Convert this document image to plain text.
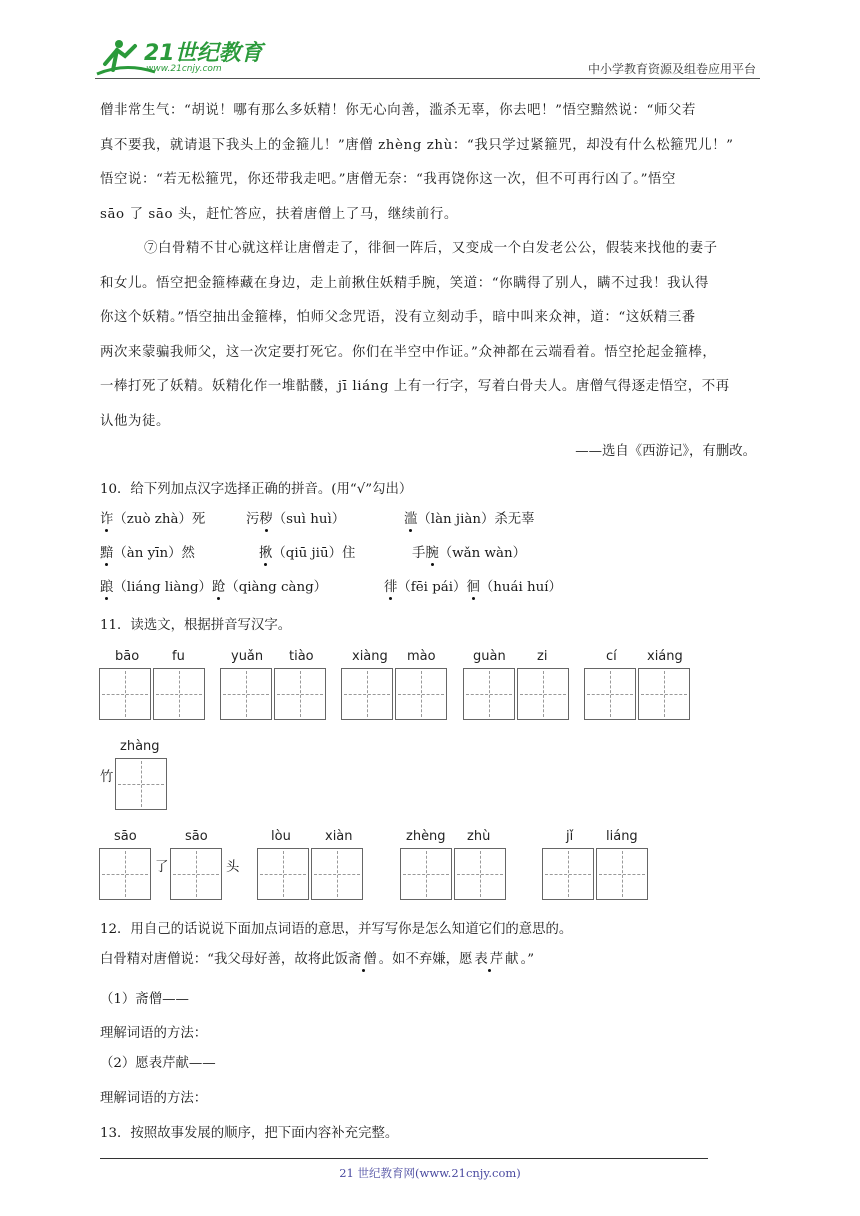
21世纪教育
www.21cnjy.com	中小学教育资源及组卷应用平台

僧非常生气：“胡说！哪有那么多妖精！你无心向善，滥杀无辜，你去吧！”悟空黯然说：“师父若

真不要我，就请退下我头上的金箍儿！”唐僧 zhèng zhù：“我只学过紧箍咒，却没有什么松箍咒儿！”

悟空说：“若无松箍咒，你还带我走吧。”唐僧无奈：“我再饶你这一次，但不可再行凶了。”悟空

sāo 了 sāo 头，赶忙答应，扶着唐僧上了马，继续前行。

⑦白骨精不甘心就这样让唐僧走了，徘徊一阵后，又变成一个白发老公公，假装来找他的妻子

和女儿。悟空把金箍棒藏在身边，走上前揪住妖精手腕，笑道：“你瞒得了别人，瞒不过我！我认得

你这个妖精。”悟空抽出金箍棒，怕师父念咒语，没有立刻动手，暗中叫来众神，道：“这妖精三番

两次来蒙骗我师父，这一次定要打死它。你们在半空中作证。”众神都在云端看着。悟空抡起金箍棒，

一棒打死了妖精。妖精化作一堆骷髅，jī liáng 上有一行字，写着白骨夫人。唐僧气得逐走悟空，不再

认他为徒。

——选自《西游记》，有删改。
10．给下列加点汉字选择正确的拼音。(用“√”勾出）
诈（zuò zhà）死	污秽（suì huì）	滥（làn jiàn）杀无辜
黯（àn yīn）然	揪（qiū jiū）住	手腕（wǎn wàn）
踉（liáng liàng）跄（qiàng càng）	徘（fēi pái）徊（huái huí）
11．读选文，根据拼音写汉字。
bāo	fu	yuǎn tiào	xiàng mào	guàn zi	cí xiáng
zhàng
竹
sāo	sāo	lòu	xiàn	zhèng zhù	jǐ	liáng
了	头
12．用自己的话说说下面加点词语的意思，并写写你是怎么知道它们的意思的。
白骨精对唐僧说：“我父母好善，故将此饭斋僧。如不弃嫌，愿表芹献。”
（1）斋僧——
理解词语的方法：
（2）愿表芹献——
理解词语的方法：
13．按照故事发展的顺序，把下面内容补充完整。
21 世纪教育网(www.21cnjy.com)
